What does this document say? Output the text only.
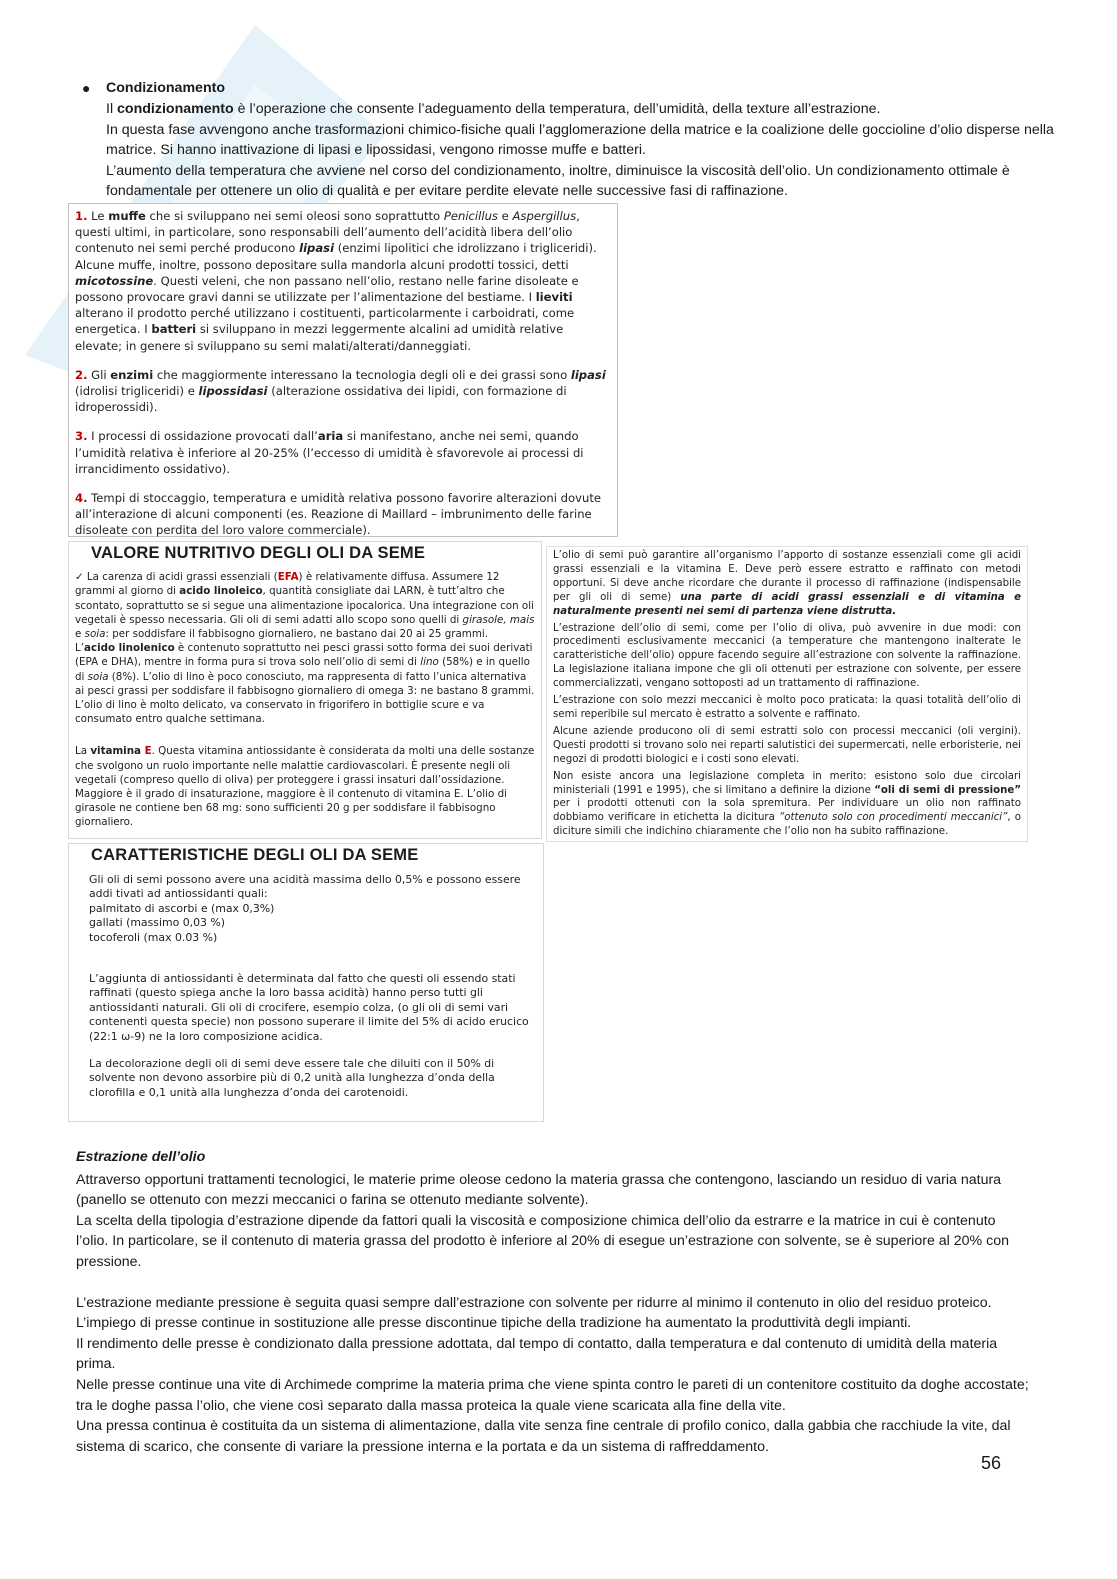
● Condizionamento

Il condizionamento è l’operazione che consente l’adeguamento della temperatura, dell’umidità, della texture all’estrazione.

In questa fase avvengono anche trasformazioni chimico-fisiche quali l’agglomerazione della matrice e la coalizione delle goccioline d’olio disperse nella matrice. Si hanno inattivazione di lipasi e lipossidasi, vengono rimosse muffe e batteri.

L’aumento della temperatura che avviene nel corso del condizionamento, inoltre, diminuisce la viscosità dell’olio. Un condizionamento ottimale è fondamentale per ottenere un olio di qualità e per evitare perdite elevate nelle successive fasi di raffinazione.

1. Le muffe che si sviluppano nei semi oleosi sono soprattutto Penicillus e Aspergillus, questi ultimi, in particolare, sono responsabili dell’aumento dell’acidità libera dell’olio contenuto nei semi perché producono lipasi (enzimi lipolitici che idrolizzano i trigliceridi). Alcune muffe, inoltre, possono depositare sulla mandorla alcuni prodotti tossici, detti micotossine. Questi veleni, che non passano nell’olio, restano nelle farine disoleate e possono provocare gravi danni se utilizzate per l’alimentazione del bestiame. I lieviti alterano il prodotto perché utilizzano i costituenti, particolarmente i carboidrati, come energetica. I batteri si sviluppano in mezzi leggermente alcalini ad umidità relative elevate; in genere si sviluppano su semi malati/alterati/danneggiati.

2. Gli enzimi che maggiormente interessano la tecnologia degli oli e dei grassi sono lipasi (idrolisi trigliceridi) e lipossidasi (alterazione ossidativa dei lipidi, con formazione di idroperossidi).

3. I processi di ossidazione provocati dall’aria si manifestano, anche nei semi, quando l’umidità relativa è inferiore al 20-25% (l’eccesso di umidità è sfavorevole ai processi di irrancidimento ossidativo).

4. Tempi di stoccaggio, temperatura e umidità relativa possono favorire alterazioni dovute all’interazione di alcuni componenti (es. Reazione di Maillard – imbrunimento delle farine disoleate con perdita del loro valore commerciale).

VALORE NUTRITIVO DEGLI OLI DA SEME

✓ La carenza di acidi grassi essenziali (EFA) è relativamente diffusa. Assumere 12 grammi al giorno di acido linoleico, quantità consigliate dai LARN, è tutt’altro che scontato, soprattutto se si segue una alimentazione ipocalorica. Una integrazione con oli vegetali è spesso necessaria. Gli oli di semi adatti allo scopo sono quelli di girasole, mais e soia: per soddisfare il fabbisogno giornaliero, ne bastano dai 20 ai 25 grammi.
L’acido linolenico è contenuto soprattutto nei pesci grassi sotto forma dei suoi derivati (EPA e DHA), mentre in forma pura si trova solo nell’olio di semi di lino (58%) e in quello di soia (8%). L’olio di lino è poco conosciuto, ma rappresenta di fatto l’unica alternativa ai pesci grassi per soddisfare il fabbisogno giornaliero di omega 3: ne bastano 8 grammi. L’olio di lino è molto delicato, va conservato in frigorifero in bottiglie scure e va consumato entro qualche settimana.

La vitamina E. Questa vitamina antiossidante è considerata da molti una delle sostanze che svolgono un ruolo importante nelle malattie cardiovascolari. È presente negli oli vegetali (compreso quello di oliva) per proteggere i grassi insaturi dall’ossidazione. Maggiore è il grado di insaturazione, maggiore è il contenuto di vitamina E. L’olio di girasole ne contiene ben 68 mg: sono sufficienti 20 g per soddisfare il fabbisogno giornaliero.

L’olio di semi può garantire all’organismo l’apporto di sostanze essenziali come gli acidi grassi essenziali e la vitamina E. Deve però essere estratto e raffinato con metodi opportuni. Si deve anche ricordare che durante il processo di raffinazione (indispensabile per gli oli di seme) una parte di acidi grassi essenziali e di vitamina e naturalmente presenti nei semi di partenza viene distrutta.

L’estrazione dell’olio di semi, come per l’olio di oliva, può avvenire in due modi: con procedimenti esclusivamente meccanici (a temperature che mantengono inalterate le caratteristiche dell’olio) oppure facendo seguire all’estrazione con solvente la raffinazione. La legislazione italiana impone che gli oli ottenuti per estrazione con solvente, per essere commercializzati, vengano sottoposti ad un trattamento di raffinazione.

L’estrazione con solo mezzi meccanici è molto poco praticata: la quasi totalità dell’olio di semi reperibile sul mercato è estratto a solvente e raffinato.

Alcune aziende producono oli di semi estratti solo con processi meccanici (oli vergini). Questi prodotti si trovano solo nei reparti salutistici dei supermercati, nelle erboristerie, nei negozi di prodotti biologici e i costi sono elevati.

Non esiste ancora una legislazione completa in merito: esistono solo due circolari ministeriali (1991 e 1995), che si limitano a definire la dizione “oli di semi di pressione” per i prodotti ottenuti con la sola spremitura. Per individuare un olio non raffinato dobbiamo verificare in etichetta la dicitura “ottenuto solo con procedimenti meccanici”, o diciture simili che indichino chiaramente che l’olio non ha subito raffinazione.

CARATTERISTICHE DEGLI OLI DA SEME

Gli oli di semi possono avere una acidità massima dello 0,5% e possono essere addi tivati ad antiossidanti quali:
palmitato di ascorbi e (max 0,3%)
gallati (massimo 0,03 %)
tocoferoli (max 0.03 %)

L’aggiunta di antiossidanti è determinata dal fatto che questi oli essendo stati raffinati (questo spiega anche la loro bassa acidità) hanno perso tutti gli antiossidanti naturali. Gli oli di crocifere, esempio colza, (o gli oli di semi vari contenenti questa specie) non possono superare il limite del 5% di acido erucico (22:1 ω-9) ne la loro composizione acidica.

La decolorazione degli oli di semi deve essere tale che diluiti con il 50% di solvente non devono assorbire più di 0,2 unità alla lunghezza d’onda della clorofilla e 0,1 unità alla lunghezza d’onda dei carotenoidi.

Estrazione dell’olio

Attraverso opportuni trattamenti tecnologici, le materie prime oleose cedono la materia grassa che contengono, lasciando un residuo di varia natura (panello se ottenuto con mezzi meccanici o farina se ottenuto mediante solvente).

La scelta della tipologia d’estrazione dipende da fattori quali la viscosità e composizione chimica dell’olio da estrarre e la matrice in cui è contenuto l’olio. In particolare, se il contenuto di materia grassa del prodotto è inferiore al 20% di esegue un’estrazione con solvente, se è superiore al 20% con pressione.

L’estrazione mediante pressione è seguita quasi sempre dall’estrazione con solvente per ridurre al minimo il contenuto in olio del residuo proteico.

L’impiego di presse continue in sostituzione alle presse discontinue tipiche della tradizione ha aumentato la produttività degli impianti.

Il rendimento delle presse è condizionato dalla pressione adottata, dal tempo di contatto, dalla temperatura e dal contenuto di umidità della materia prima.

Nelle presse continue una vite di Archimede comprime la materia prima che viene spinta contro le pareti di un contenitore costituito da doghe accostate; tra le doghe passa l’olio, che viene così separato dalla massa proteica la quale viene scaricata alla fine della vite.

Una pressa continua è costituita da un sistema di alimentazione, dalla vite senza fine centrale di profilo conico, dalla gabbia che racchiude la vite, dal sistema di scarico, che consente di variare la pressione interna e la portata e da un sistema di raffreddamento.

56
